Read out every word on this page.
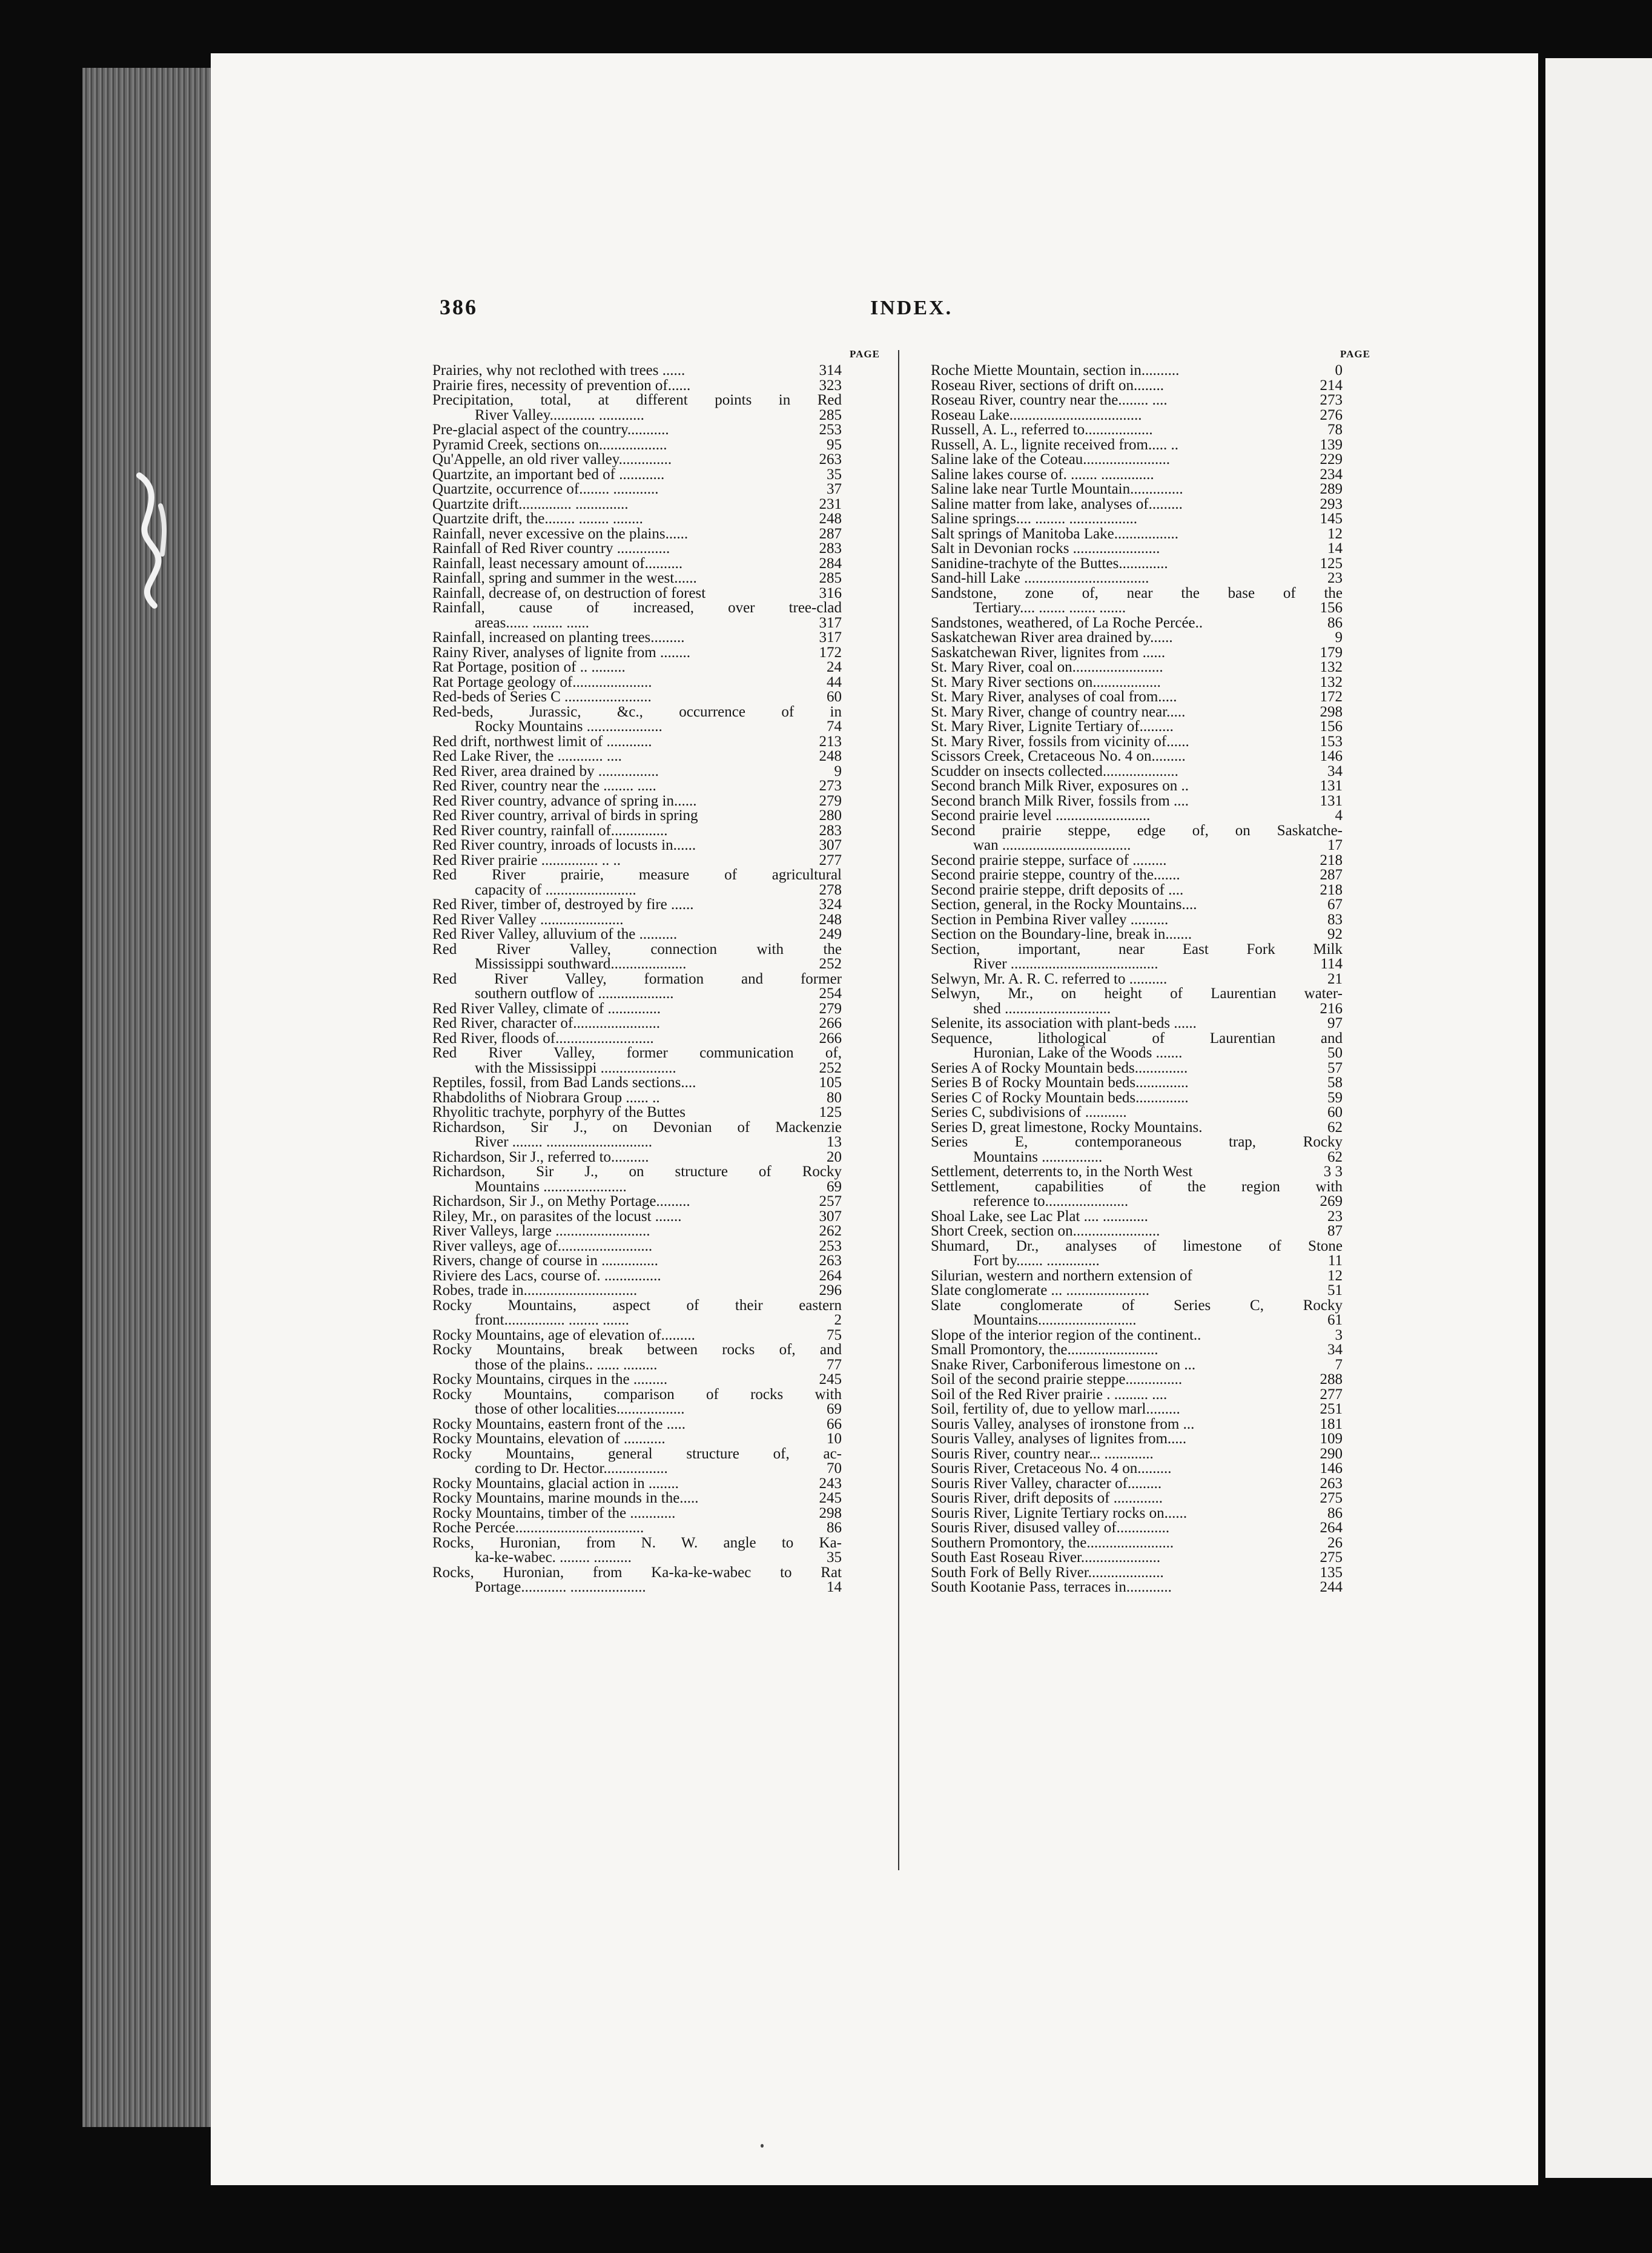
386	INDEX.
PAGE	PAGE
Prairies, why not reclothed with trees ......	314
Prairie fires, necessity of prevention of......	323
Precipitation, total, at different points in Red
River Valley............ ............	285
Pre-glacial aspect of the country...........	253
Pyramid Creek, sections on..................	95
Qu'Appelle, an old river valley..............	263
Quartzite, an important bed of ............	35
Quartzite, occurrence of........ ............	37
Quartzite drift.............. ..............	231
Quartzite drift, the........ ........ ........	248
Rainfall, never excessive on the plains......	287
Rainfall of Red River country ..............	283
Rainfall, least necessary amount of..........	284
Rainfall, spring and summer in the west......	285
Rainfall, decrease of, on destruction of forest	316
Rainfall, cause of increased, over tree-clad
areas...... ........ ......	317
Rainfall, increased on planting trees.........	317
Rainy River, analyses of lignite from ........	172
Rat Portage, position of .. .........	24
Rat Portage geology of.....................	44
Red-beds of Series C .......................	60
Red-beds, Jurassic, &c., occurrence of in
Rocky Mountains ....................	74
Red drift, northwest limit of ............	213
Red Lake River, the ............ ....	248
Red River, area drained by ................	9
Red River, country near the ........ .....	273
Red River country, advance of spring in......	279
Red River country, arrival of birds in spring	280
Red River country, rainfall of...............	283
Red River country, inroads of locusts in......	307
Red River prairie ............... .. ..	277
Red River prairie, measure of agricultural
capacity of ........................	278
Red River, timber of, destroyed by fire ......	324
Red River Valley ......................	248
Red River Valley, alluvium of the ..........	249
Red River Valley, connection with the
Mississippi southward....................	252
Red River Valley, formation and former
southern outflow of ....................	254
Red River Valley, climate of ..............	279
Red River, character of.......................	266
Red River, floods of..........................	266
Red River Valley, former communication of,
with the Mississippi ....................	252
Reptiles, fossil, from Bad Lands sections....	105
Rhabdoliths of Niobrara Group ...... ..	80
Rhyolitic trachyte, porphyry of the Buttes	125
Richardson, Sir J., on Devonian of Mackenzie
River ........ ............................	13
Richardson, Sir J., referred to..........	20
Richardson, Sir J., on structure of Rocky
Mountains ......................	69
Richardson, Sir J., on Methy Portage.........	257
Riley, Mr., on parasites of the locust .......	307
River Valleys, large .........................	262
River valleys, age of.........................	253
Rivers, change of course in ...............	263
Riviere des Lacs, course of. ...............	264
Robes, trade in..............................	296
Rocky Mountains, aspect of their eastern
front................ ........ .......	2
Rocky Mountains, age of elevation of.........	75
Rocky Mountains, break between rocks of, and
those of the plains.. ...... .........	77
Rocky Mountains, cirques in the .........	245
Rocky Mountains, comparison of rocks with
those of other localities..................	69
Rocky Mountains, eastern front of the .....	66
Rocky Mountains, elevation of ...........	10
Rocky Mountains, general structure of, ac-
cording to Dr. Hector.................	70
Rocky Mountains, glacial action in ........	243
Rocky Mountains, marine mounds in the.....	245
Rocky Mountains, timber of the ............	298
Roche Percée..................................	86
Rocks, Huronian, from N. W. angle to Ka-
ka-ke-wabec. ........ ..........	35
Rocks, Huronian, from Ka-ka-ke-wabec to Rat
Portage............ ....................	14
Roche Miette Mountain, section in..........	0
Roseau River, sections of drift on........	214
Roseau River, country near the........ ....	273
Roseau Lake...................................	276
Russell, A. L., referred to..................	78
Russell, A. L., lignite received from..... ..	139
Saline lake of the Coteau.......................	229
Saline lakes course of. ....... ..............	234
Saline lake near Turtle Mountain..............	289
Saline matter from lake, analyses of.........	293
Saline springs.... ........ ..................	145
Salt springs of Manitoba Lake.................	12
Salt in Devonian rocks .......................	14
Sanidine-trachyte of the Buttes.............	125
Sand-hill Lake .................................	23
Sandstone, zone of, near the base of the
Tertiary.... ....... ....... .......	156
Sandstones, weathered, of La Roche Percée..	86
Saskatchewan River area drained by......	9
Saskatchewan River, lignites from ......	179
St. Mary River, coal on........................	132
St. Mary River sections on..................	132
St. Mary River, analyses of coal from.....	172
St. Mary River, change of country near.....	298
St. Mary River, Lignite Tertiary of.........	156
St. Mary River, fossils from vicinity of......	153
Scissors Creek, Cretaceous No. 4 on.........	146
Scudder on insects collected....................	34
Second branch Milk River, exposures on ..	131
Second branch Milk River, fossils from ....	131
Second prairie level .........................	4
Second prairie steppe, edge of, on Saskatche-
wan ..................................	17
Second prairie steppe, surface of .........	218
Second prairie steppe, country of the.......	287
Second prairie steppe, drift deposits of ....	218
Section, general, in the Rocky Mountains....	67
Section in Pembina River valley ..........	83
Section on the Boundary-line, break in.......	92
Section, important, near East Fork Milk
River .......................................	114
Selwyn, Mr. A. R. C. referred to ..........	21
Selwyn, Mr., on height of Laurentian water-
shed ............................	216
Selenite, its association with plant-beds ......	97
Sequence, lithological of Laurentian and
Huronian, Lake of the Woods .......	50
Series A of Rocky Mountain beds..............	57
Series B of Rocky Mountain beds..............	58
Series C of Rocky Mountain beds..............	59
Series C, subdivisions of ...........	60
Series D, great limestone, Rocky Mountains.	62
Series E, contemporaneous trap, Rocky
Mountains ................	62
Settlement, deterrents to, in the North West	3 3
Settlement, capabilities of the region with
reference to......................	269
Shoal Lake, see Lac Plat .... ............	23
Short Creek, section on.......................	87
Shumard, Dr., analyses of limestone of Stone
Fort by....... ..............	11
Silurian, western and northern extension of	12
Slate conglomerate ... ......................	51
Slate conglomerate of Series C, Rocky
Mountains..........................	61
Slope of the interior region of the continent..	3
Small Promontory, the........................	34
Snake River, Carboniferous limestone on ...	7
Soil of the second prairie steppe...............	288
Soil of the Red River prairie . ......... ....	277
Soil, fertility of, due to yellow marl.........	251
Souris Valley, analyses of ironstone from ...	181
Souris Valley, analyses of lignites from.....	109
Souris River, country near... .............	290
Souris River, Cretaceous No. 4 on.........	146
Souris River Valley, character of.........	263
Souris River, drift deposits of .............	275
Souris River, Lignite Tertiary rocks on......	86
Souris River, disused valley of..............	264
Southern Promontory, the.......................	26
South East Roseau River.....................	275
South Fork of Belly River....................	135
South Kootanie Pass, terraces in............	244
